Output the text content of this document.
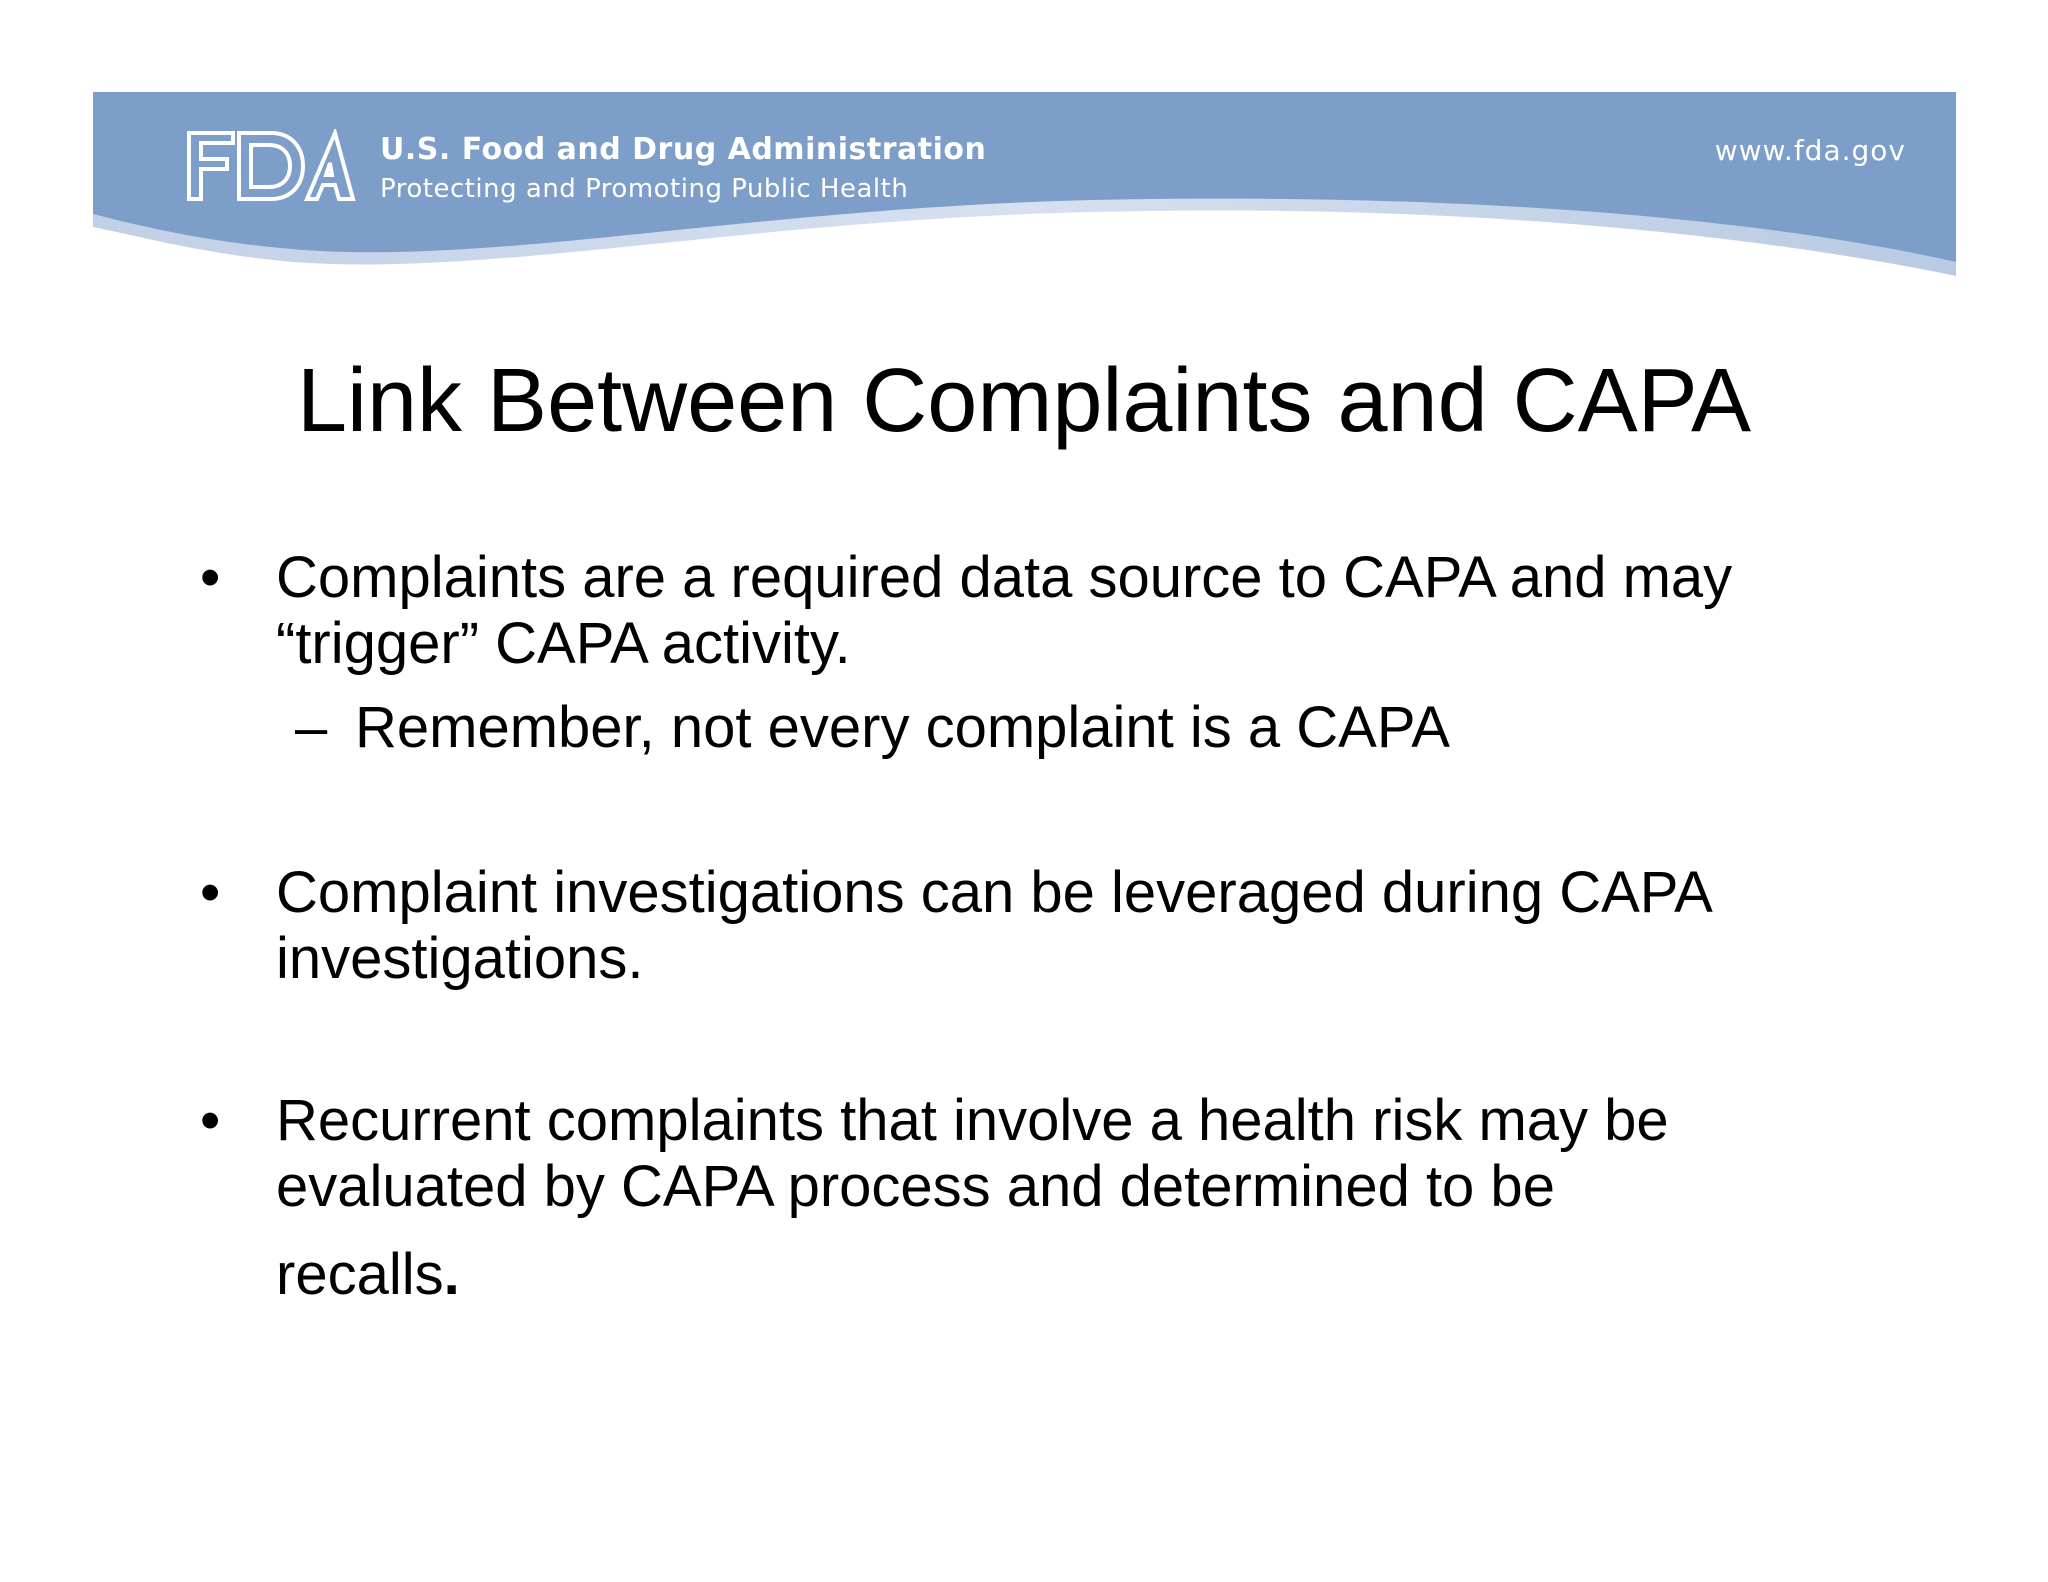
U.S. Food and Drug Administration
Protecting and Promoting Public Health
www.fda.gov
Link Between Complaints and CAPA
• Complaints are a required data source to CAPA and may “trigger” CAPA activity.
– Remember, not every complaint is a CAPA
• Complaint investigations can be leveraged during CAPA investigations.
• Recurrent complaints that involve a health risk may be evaluated by CAPA process and determined to be
recalls.
